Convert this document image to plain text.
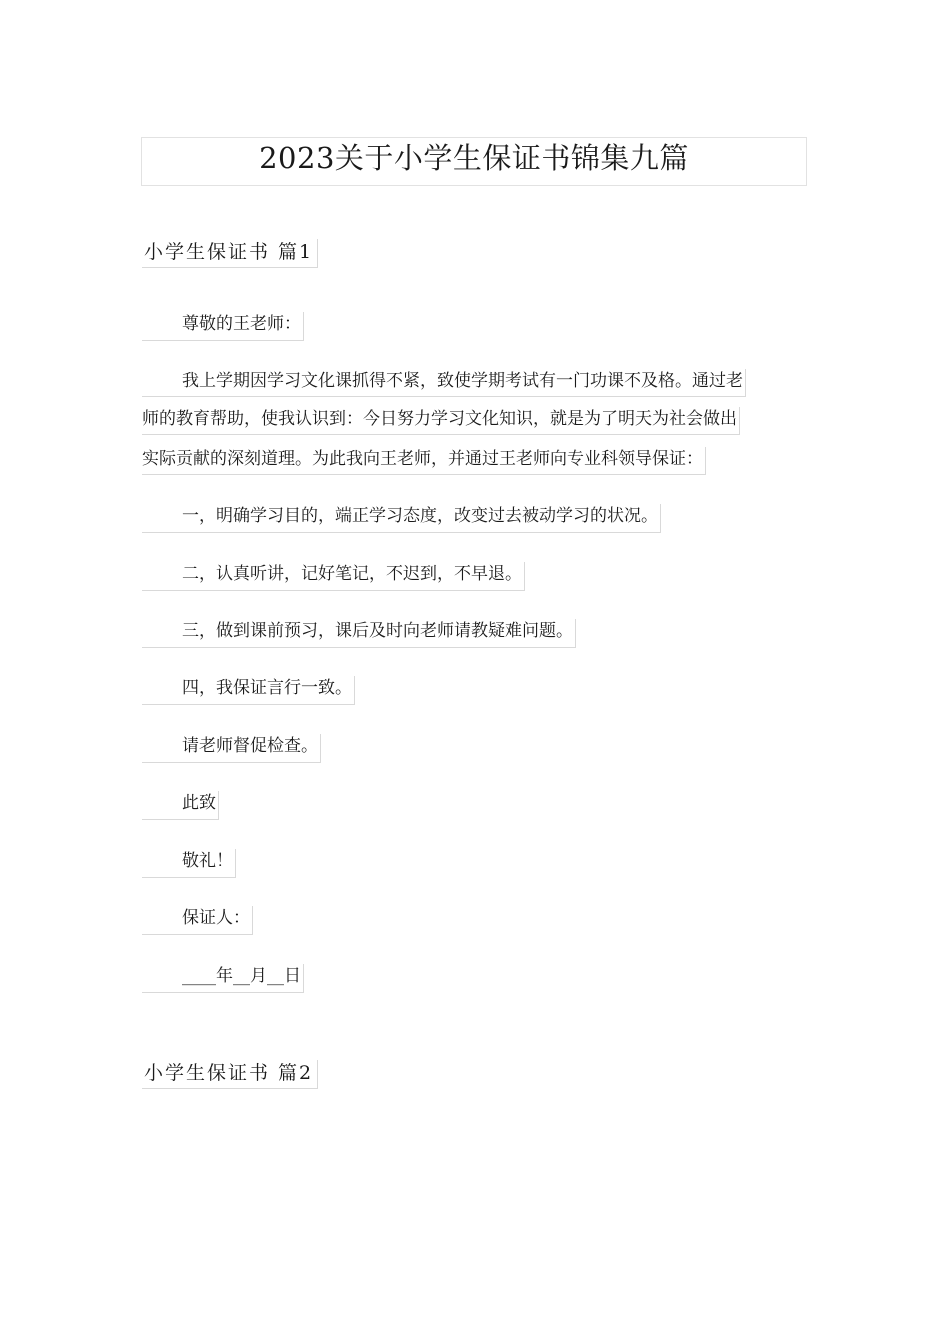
2023关于小学生保证书锦集九篇
小学生保证书 篇1
尊敬的王老师：
我上学期因学习文化课抓得不紧，致使学期考试有一门功课不及格。通过老
师的教育帮助，使我认识到：今日努力学习文化知识，就是为了明天为社会做出
实际贡献的深刻道理。为此我向王老师，并通过王老师向专业科领导保证：
一，明确学习目的，端正学习态度，改变过去被动学习的状况。
二，认真听讲，记好笔记，不迟到，不早退。
三，做到课前预习，课后及时向老师请教疑难问题。
四，我保证言行一致。
请老师督促检查。
此致
敬礼！
保证人：
____年__月__日
小学生保证书 篇2
